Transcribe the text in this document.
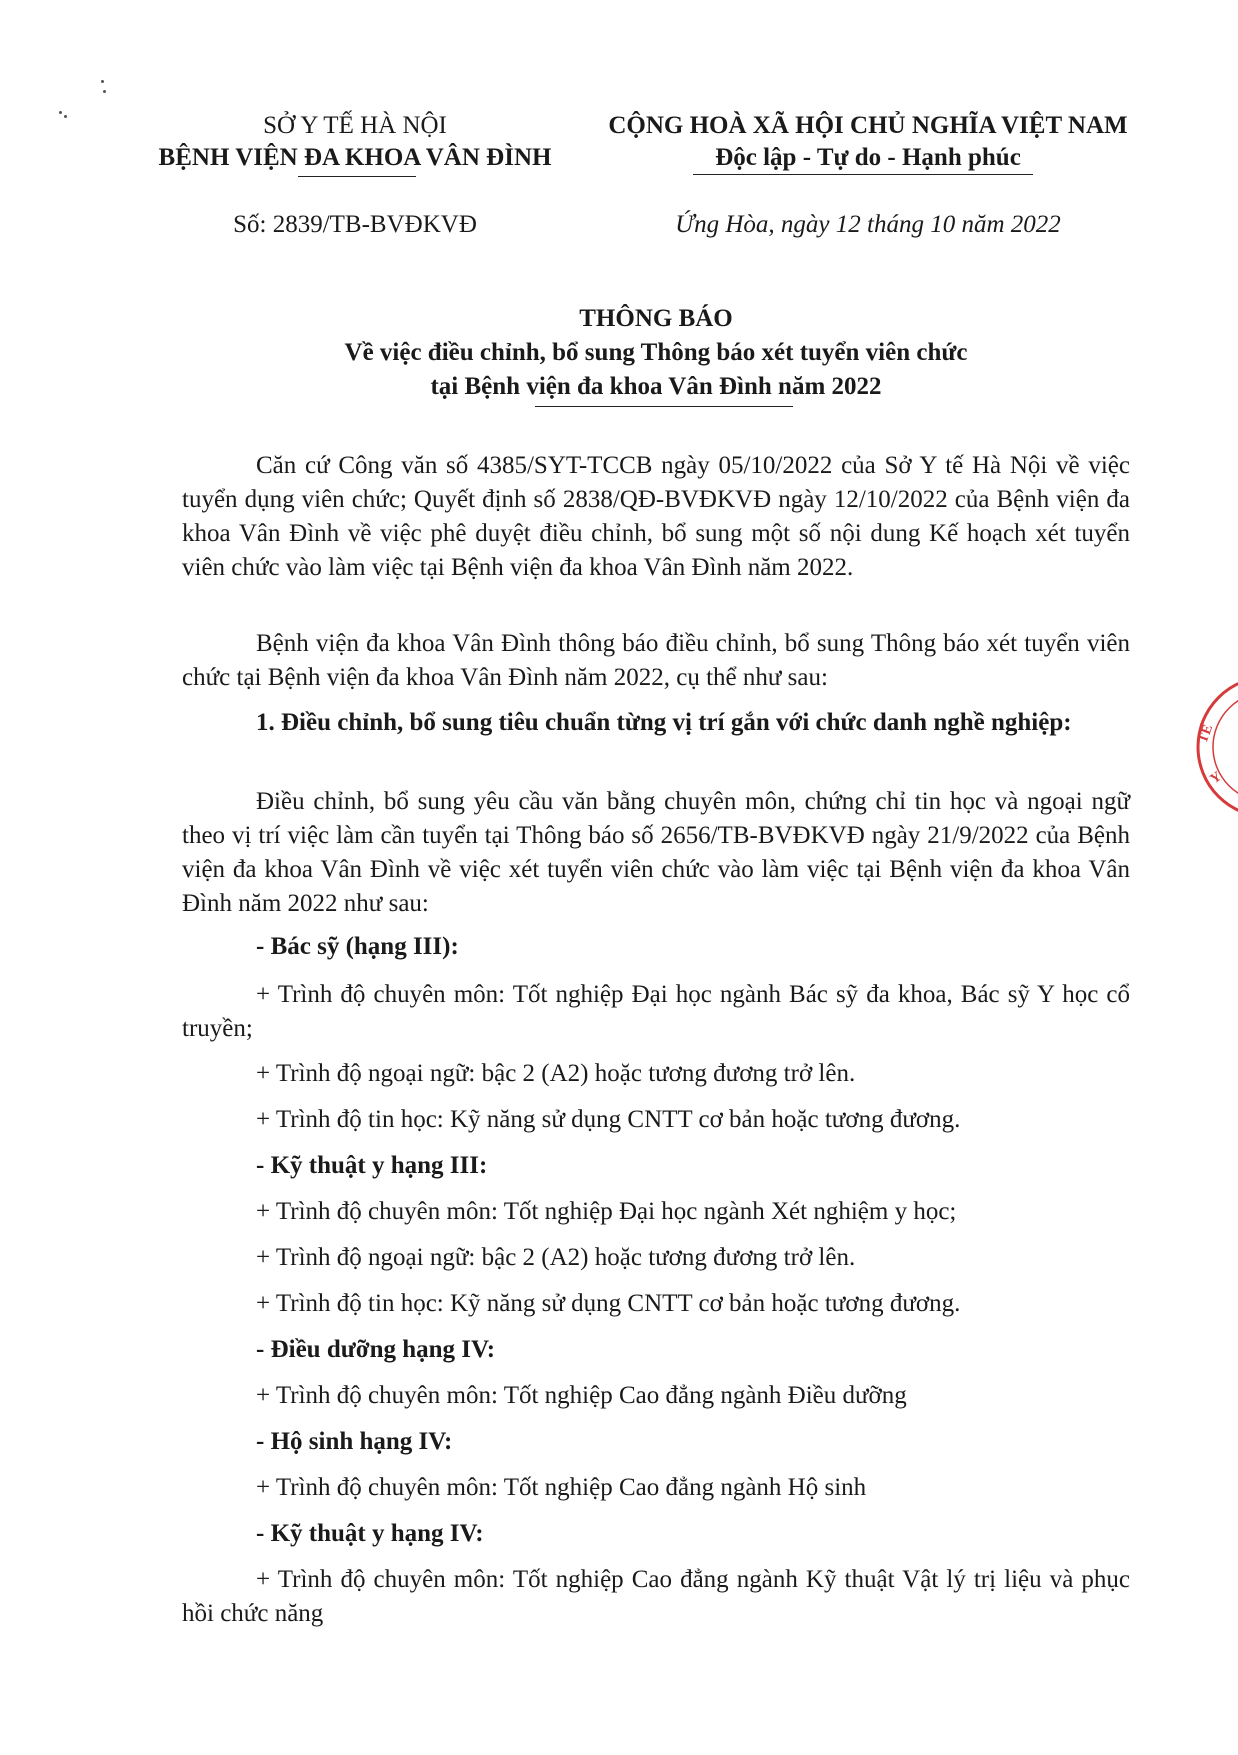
SỞ Y TẾ HÀ NỘI
BỆNH VIỆN ĐA KHOA VÂN ĐÌNH
CỘNG HOÀ XÃ HỘI CHỦ NGHĨA VIỆT NAM
Độc lập - Tự do - Hạnh phúc
Số: 2839/TB-BVĐKVĐ	Ứng Hòa, ngày 12 tháng 10 năm 2022
THÔNG BÁO
Về việc điều chỉnh, bổ sung Thông báo xét tuyển viên chức
tại Bệnh viện đa khoa Vân Đình năm 2022
Căn cứ Công văn số 4385/SYT-TCCB ngày 05/10/2022 của Sở Y tế Hà Nội về việc tuyển dụng viên chức; Quyết định số 2838/QĐ-BVĐKVĐ ngày 12/10/2022 của Bệnh viện đa khoa Vân Đình về việc phê duyệt điều chỉnh, bổ sung một số nội dung Kế hoạch xét tuyển viên chức vào làm việc tại Bệnh viện đa khoa Vân Đình năm 2022.
Bệnh viện đa khoa Vân Đình thông báo điều chỉnh, bổ sung Thông báo xét tuyển viên chức tại Bệnh viện đa khoa Vân Đình năm 2022, cụ thể như sau:
1. Điều chỉnh, bổ sung tiêu chuẩn từng vị trí gắn với chức danh nghề nghiệp:
Điều chỉnh, bổ sung yêu cầu văn bằng chuyên môn, chứng chỉ tin học và ngoại ngữ theo vị trí việc làm cần tuyển tại Thông báo số 2656/TB-BVĐKVĐ ngày 21/9/2022 của Bệnh viện đa khoa Vân Đình về việc xét tuyển viên chức vào làm việc tại Bệnh viện đa khoa Vân Đình năm 2022 như sau:
- Bác sỹ (hạng III):
+ Trình độ chuyên môn: Tốt nghiệp Đại học ngành Bác sỹ đa khoa, Bác sỹ Y học cổ truyền;
+ Trình độ ngoại ngữ: bậc 2 (A2) hoặc tương đương trở lên.
+ Trình độ tin học: Kỹ năng sử dụng CNTT cơ bản hoặc tương đương.
- Kỹ thuật y hạng III:
+ Trình độ chuyên môn: Tốt nghiệp Đại học ngành Xét nghiệm y học;
+ Trình độ ngoại ngữ: bậc 2 (A2) hoặc tương đương trở lên.
+ Trình độ tin học: Kỹ năng sử dụng CNTT cơ bản hoặc tương đương.
- Điều dưỡng hạng IV:
+ Trình độ chuyên môn: Tốt nghiệp Cao đẳng ngành Điều dưỡng
- Hộ sinh hạng IV:
+ Trình độ chuyên môn: Tốt nghiệp Cao đẳng ngành Hộ sinh
- Kỹ thuật y hạng IV:
+ Trình độ chuyên môn: Tốt nghiệp Cao đẳng ngành Kỹ thuật Vật lý trị liệu và phục hồi chức năng
TẾ
Y
